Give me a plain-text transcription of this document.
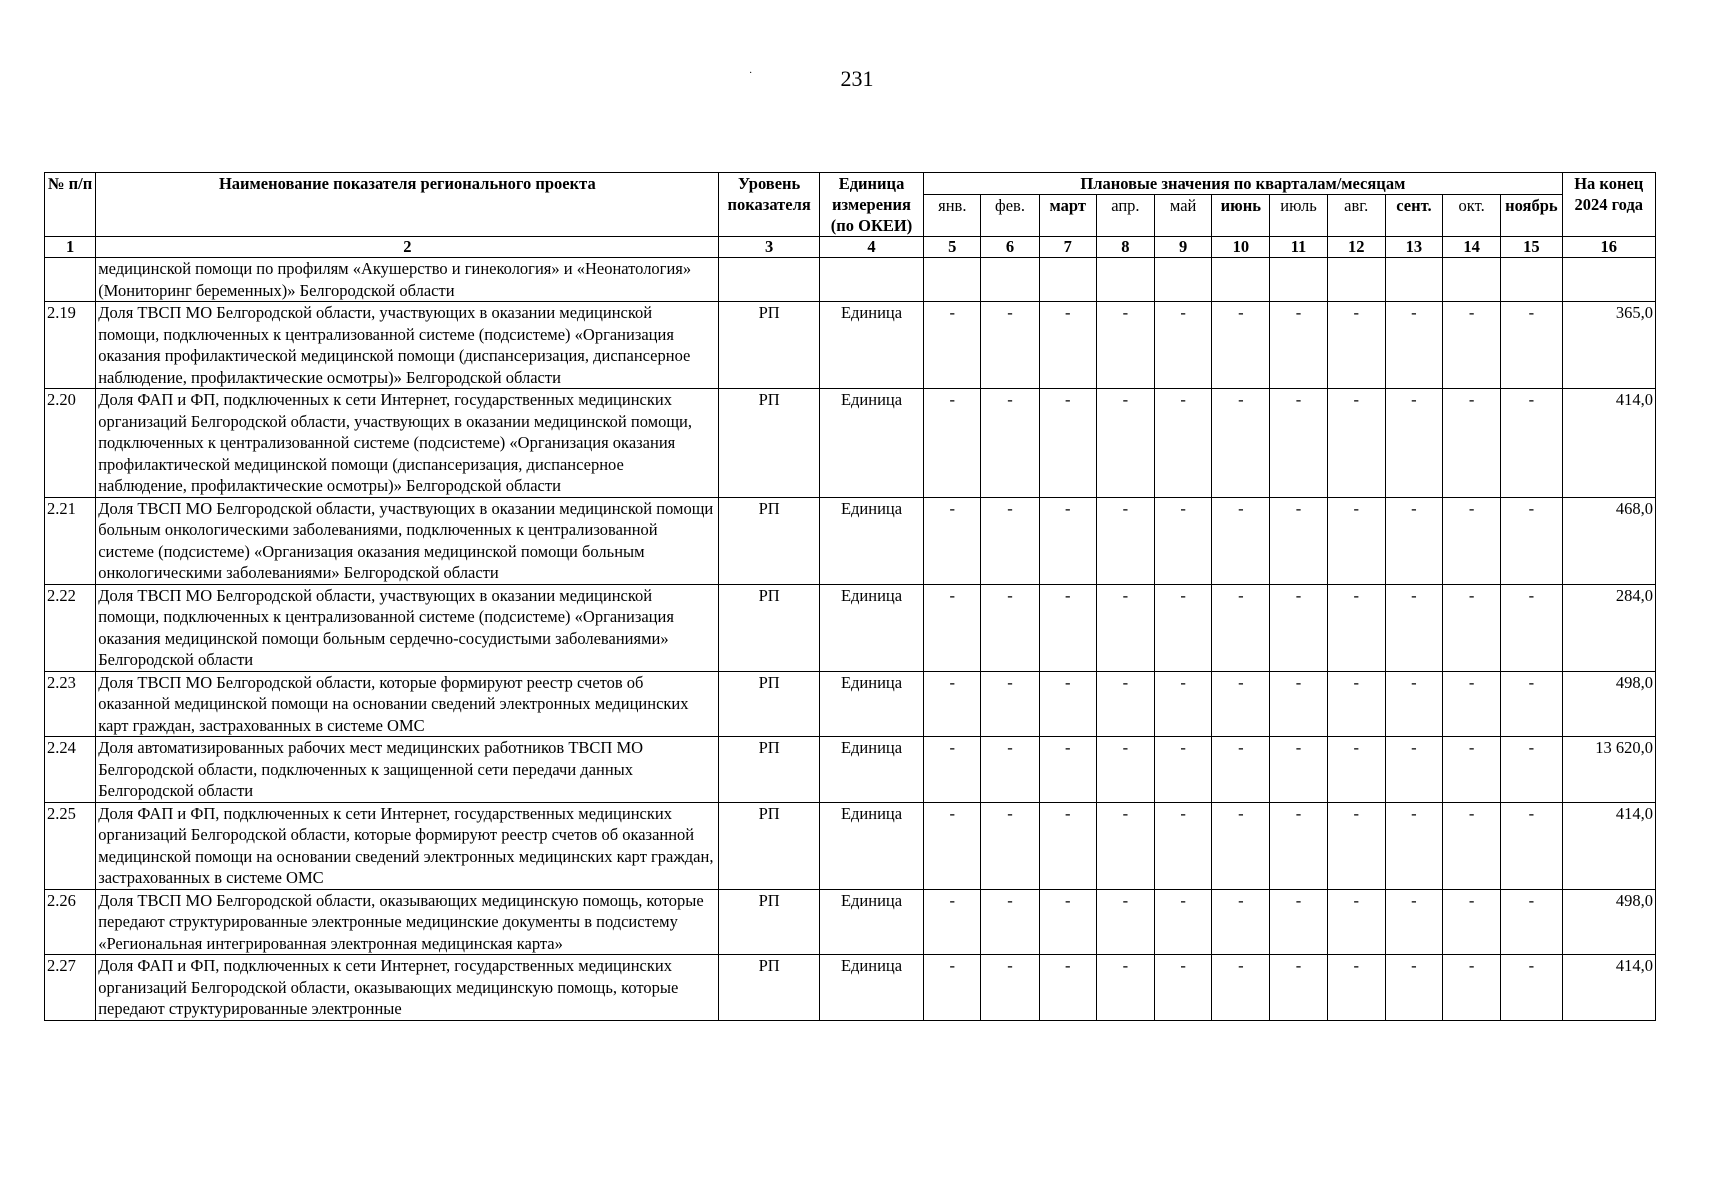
·	231
№ п/п	Наименование показателя регионального проекта	Уровень показателя	Единица измерения (по ОКЕИ)	Плановые значения по кварталам/месяцам											На конец 2024 года
				янв.	фев.	март	апр.	май	июнь	июль	авг.	сент.	окт.	ноябрь	
1	2	3	4	5	6	7	8	9	10	11	12	13	14	15	16
	медицинской помощи по профилям «Акушерство и гинекология» и «Неонатология» (Мониторинг беременных)» Белгородской области														
2.19	Доля ТВСП МО Белгородской области, участвующих в оказании медицинской помощи, подключенных к централизованной системе (подсистеме) «Организация оказания профилактической медицинской помощи (диспансеризация, диспансерное наблюдение, профилактические осмотры)» Белгородской области	РП	Единица	-	-	-	-	-	-	-	-	-	-	-	365,0
2.20	Доля ФАП и ФП, подключенных к сети Интернет, государственных медицинских организаций Белгородской области, участвующих в оказании медицинской помощи, подключенных к централизованной системе (подсистеме) «Организация оказания профилактической медицинской помощи (диспансеризация, диспансерное наблюдение, профилактические осмотры)» Белгородской области	РП	Единица	-	-	-	-	-	-	-	-	-	-	-	414,0
2.21	Доля ТВСП МО Белгородской области, участвующих в оказании медицинской помощи больным онкологическими заболеваниями, подключенных к централизованной системе (подсистеме) «Организация оказания медицинской помощи больным онкологическими заболеваниями» Белгородской области	РП	Единица	-	-	-	-	-	-	-	-	-	-	-	468,0
2.22	Доля ТВСП МО Белгородской области, участвующих в оказании медицинской помощи, подключенных к централизованной системе (подсистеме) «Организация оказания медицинской помощи больным сердечно-сосудистыми заболеваниями» Белгородской области	РП	Единица	-	-	-	-	-	-	-	-	-	-	-	284,0
2.23	Доля ТВСП МО Белгородской области, которые формируют реестр счетов об оказанной медицинской помощи на основании сведений электронных медицинских карт граждан, застрахованных в системе ОМС	РП	Единица	-	-	-	-	-	-	-	-	-	-	-	498,0
2.24	Доля автоматизированных рабочих мест медицинских работников ТВСП МО Белгородской области, подключенных к защищенной сети передачи данных Белгородской области	РП	Единица	-	-	-	-	-	-	-	-	-	-	-	13 620,0
2.25	Доля ФАП и ФП, подключенных к сети Интернет, государственных медицинских организаций Белгородской области, которые формируют реестр счетов об оказанной медицинской помощи на основании сведений электронных медицинских карт граждан, застрахованных в системе ОМС	РП	Единица	-	-	-	-	-	-	-	-	-	-	-	414,0
2.26	Доля ТВСП МО Белгородской области, оказывающих медицинскую помощь, которые передают структурированные электронные медицинские документы в подсистему «Региональная интегрированная электронная медицинская карта»	РП	Единица	-	-	-	-	-	-	-	-	-	-	-	498,0
2.27	Доля ФАП и ФП, подключенных к сети Интернет, государственных медицинских организаций Белгородской области, оказывающих медицинскую помощь, которые передают структурированные электронные	РП	Единица	-	-	-	-	-	-	-	-	-	-	-	414,0
